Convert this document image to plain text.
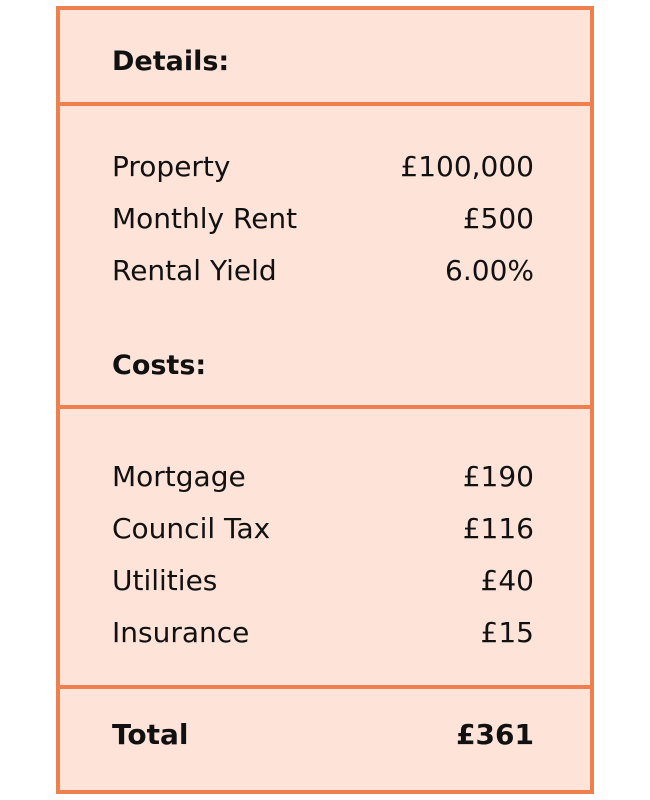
Details:
Property	£100,000
Monthly Rent	£500
Rental Yield	6.00%
Costs:
Mortgage	£190
Council Tax	£116
Utilities	£40
Insurance	£15
Total	£361
